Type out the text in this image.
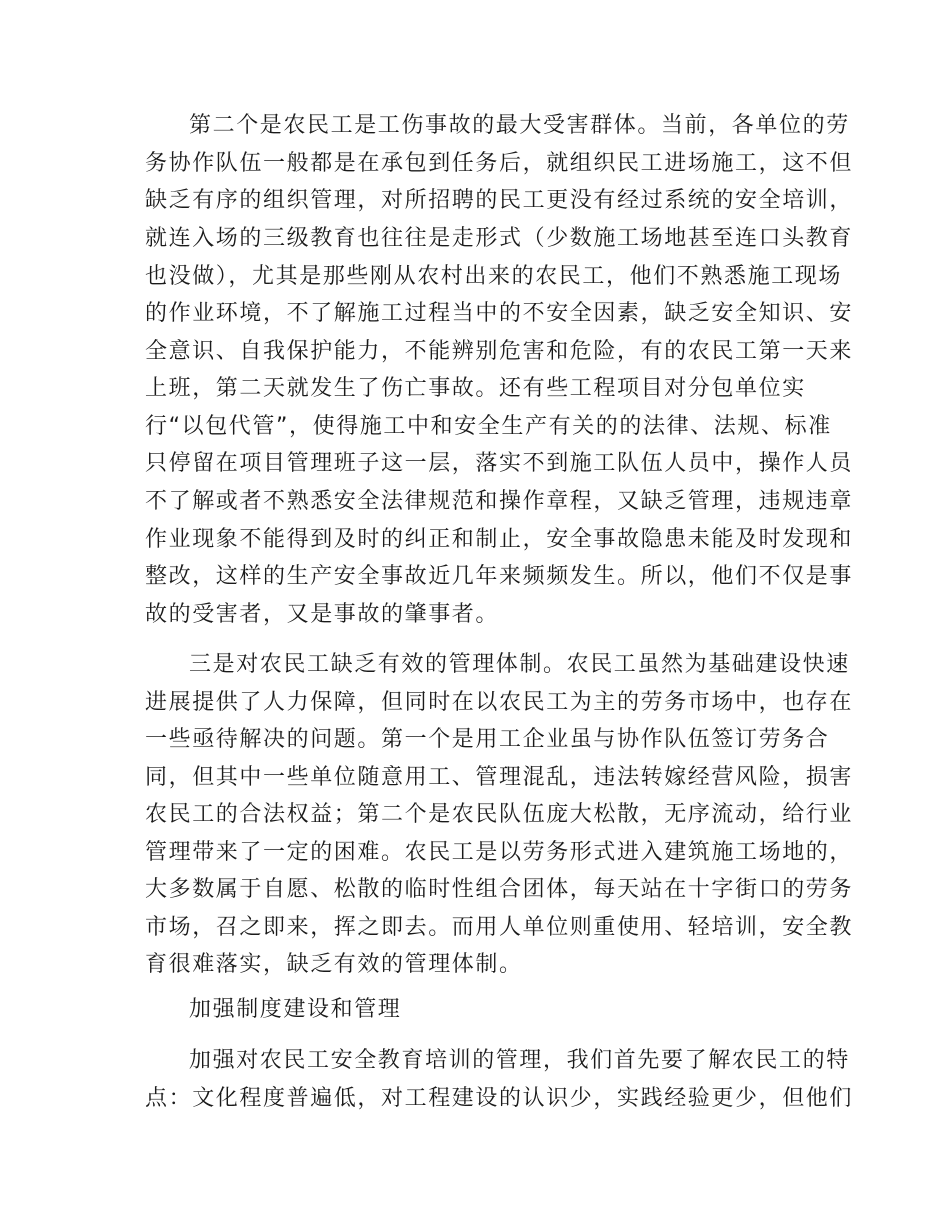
第二个是农民工是工伤事故的最大受害群体。当前，各单位的劳
务协作队伍一般都是在承包到任务后，就组织民工进场施工，这不但
缺乏有序的组织管理，对所招聘的民工更没有经过系统的安全培训，
就连入场的三级教育也往往是走形式（少数施工场地甚至连口头教育
也没做），尤其是那些刚从农村出来的农民工，他们不熟悉施工现场
的作业环境，不了解施工过程当中的不安全因素，缺乏安全知识、安
全意识、自我保护能力，不能辨别危害和危险，有的农民工第一天来
上班，第二天就发生了伤亡事故。还有些工程项目对分包单位实
行“以包代管”，使得施工中和安全生产有关的的法律、法规、标准
只停留在项目管理班子这一层，落实不到施工队伍人员中，操作人员
不了解或者不熟悉安全法律规范和操作章程，又缺乏管理，违规违章
作业现象不能得到及时的纠正和制止，安全事故隐患未能及时发现和
整改，这样的生产安全事故近几年来频频发生。所以，他们不仅是事
故的受害者，又是事故的肇事者。
三是对农民工缺乏有效的管理体制。农民工虽然为基础建设快速
进展提供了人力保障，但同时在以农民工为主的劳务市场中，也存在
一些亟待解决的问题。第一个是用工企业虽与协作队伍签订劳务合
同，但其中一些单位随意用工、管理混乱，违法转嫁经营风险，损害
农民工的合法权益；第二个是农民队伍庞大松散，无序流动，给行业
管理带来了一定的困难。农民工是以劳务形式进入建筑施工场地的，
大多数属于自愿、松散的临时性组合团体，每天站在十字街口的劳务
市场，召之即来，挥之即去。而用人单位则重使用、轻培训，安全教
育很难落实，缺乏有效的管理体制。
加强制度建设和管理
加强对农民工安全教育培训的管理，我们首先要了解农民工的特
点：文化程度普遍低，对工程建设的认识少，实践经验更少，但他们
